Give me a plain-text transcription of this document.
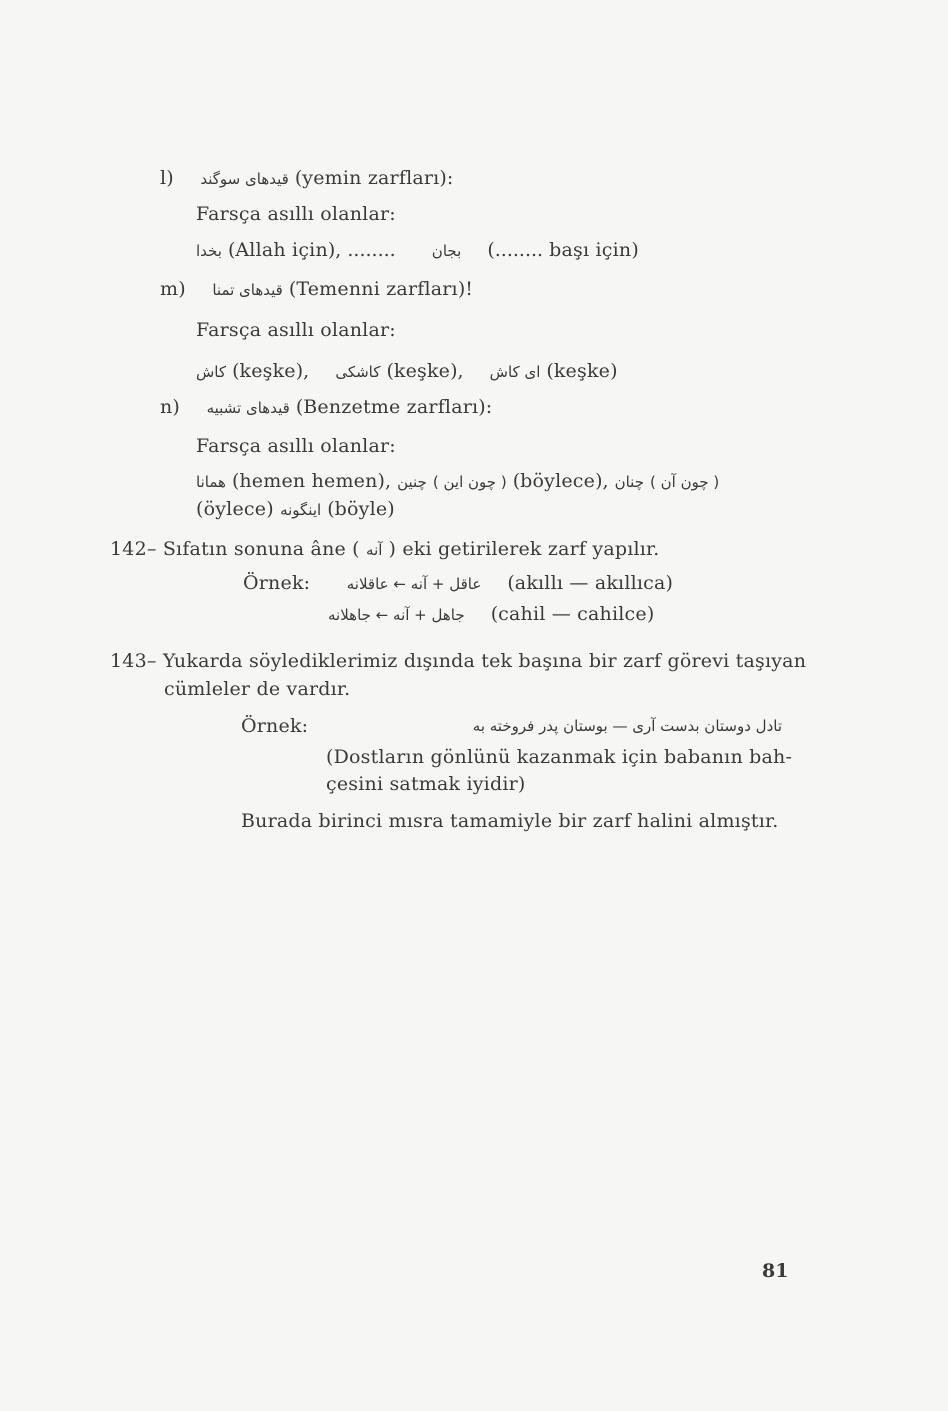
l) قیدهای سوگند (yemin zarfları):
Farsça asıllı olanlar:
بخدا (Allah için), ........ بجان (........ başı için)
m) قیدهای تمنا (Temenni zarfları)!
Farsça asıllı olanlar:
کاش (keşke), کاشکی (keşke), ای کاش (keşke)
n) قیدهای تشبیه (Benzetme zarfları):
Farsça asıllı olanlar:
همانا (hemen hemen),	( چون این ) چنین	(böylece),	( چون آن ) چنان
(öylece) اینگونه (böyle)
142– Sıfatın sonuna âne ( آنه ) eki getirilerek zarf yapılır.
Örnek: عاقل + آنه ← عاقلانه (akıllı — akıllıca)
جاهل + آنه ← جاهلانه (cahil — cahilce)
143– Yukarda söylediklerimiz dışında tek başına bir zarf görevi taşıyan
cümleler de vardır.
Örnek:	تادل دوستان بدست آری — بوستان پدر فروخته به
(Dostların gönlünü kazanmak için babanın bah-
çesini satmak iyidir)
Burada birinci mısra tamamiyle bir zarf halini almıştır.
81
